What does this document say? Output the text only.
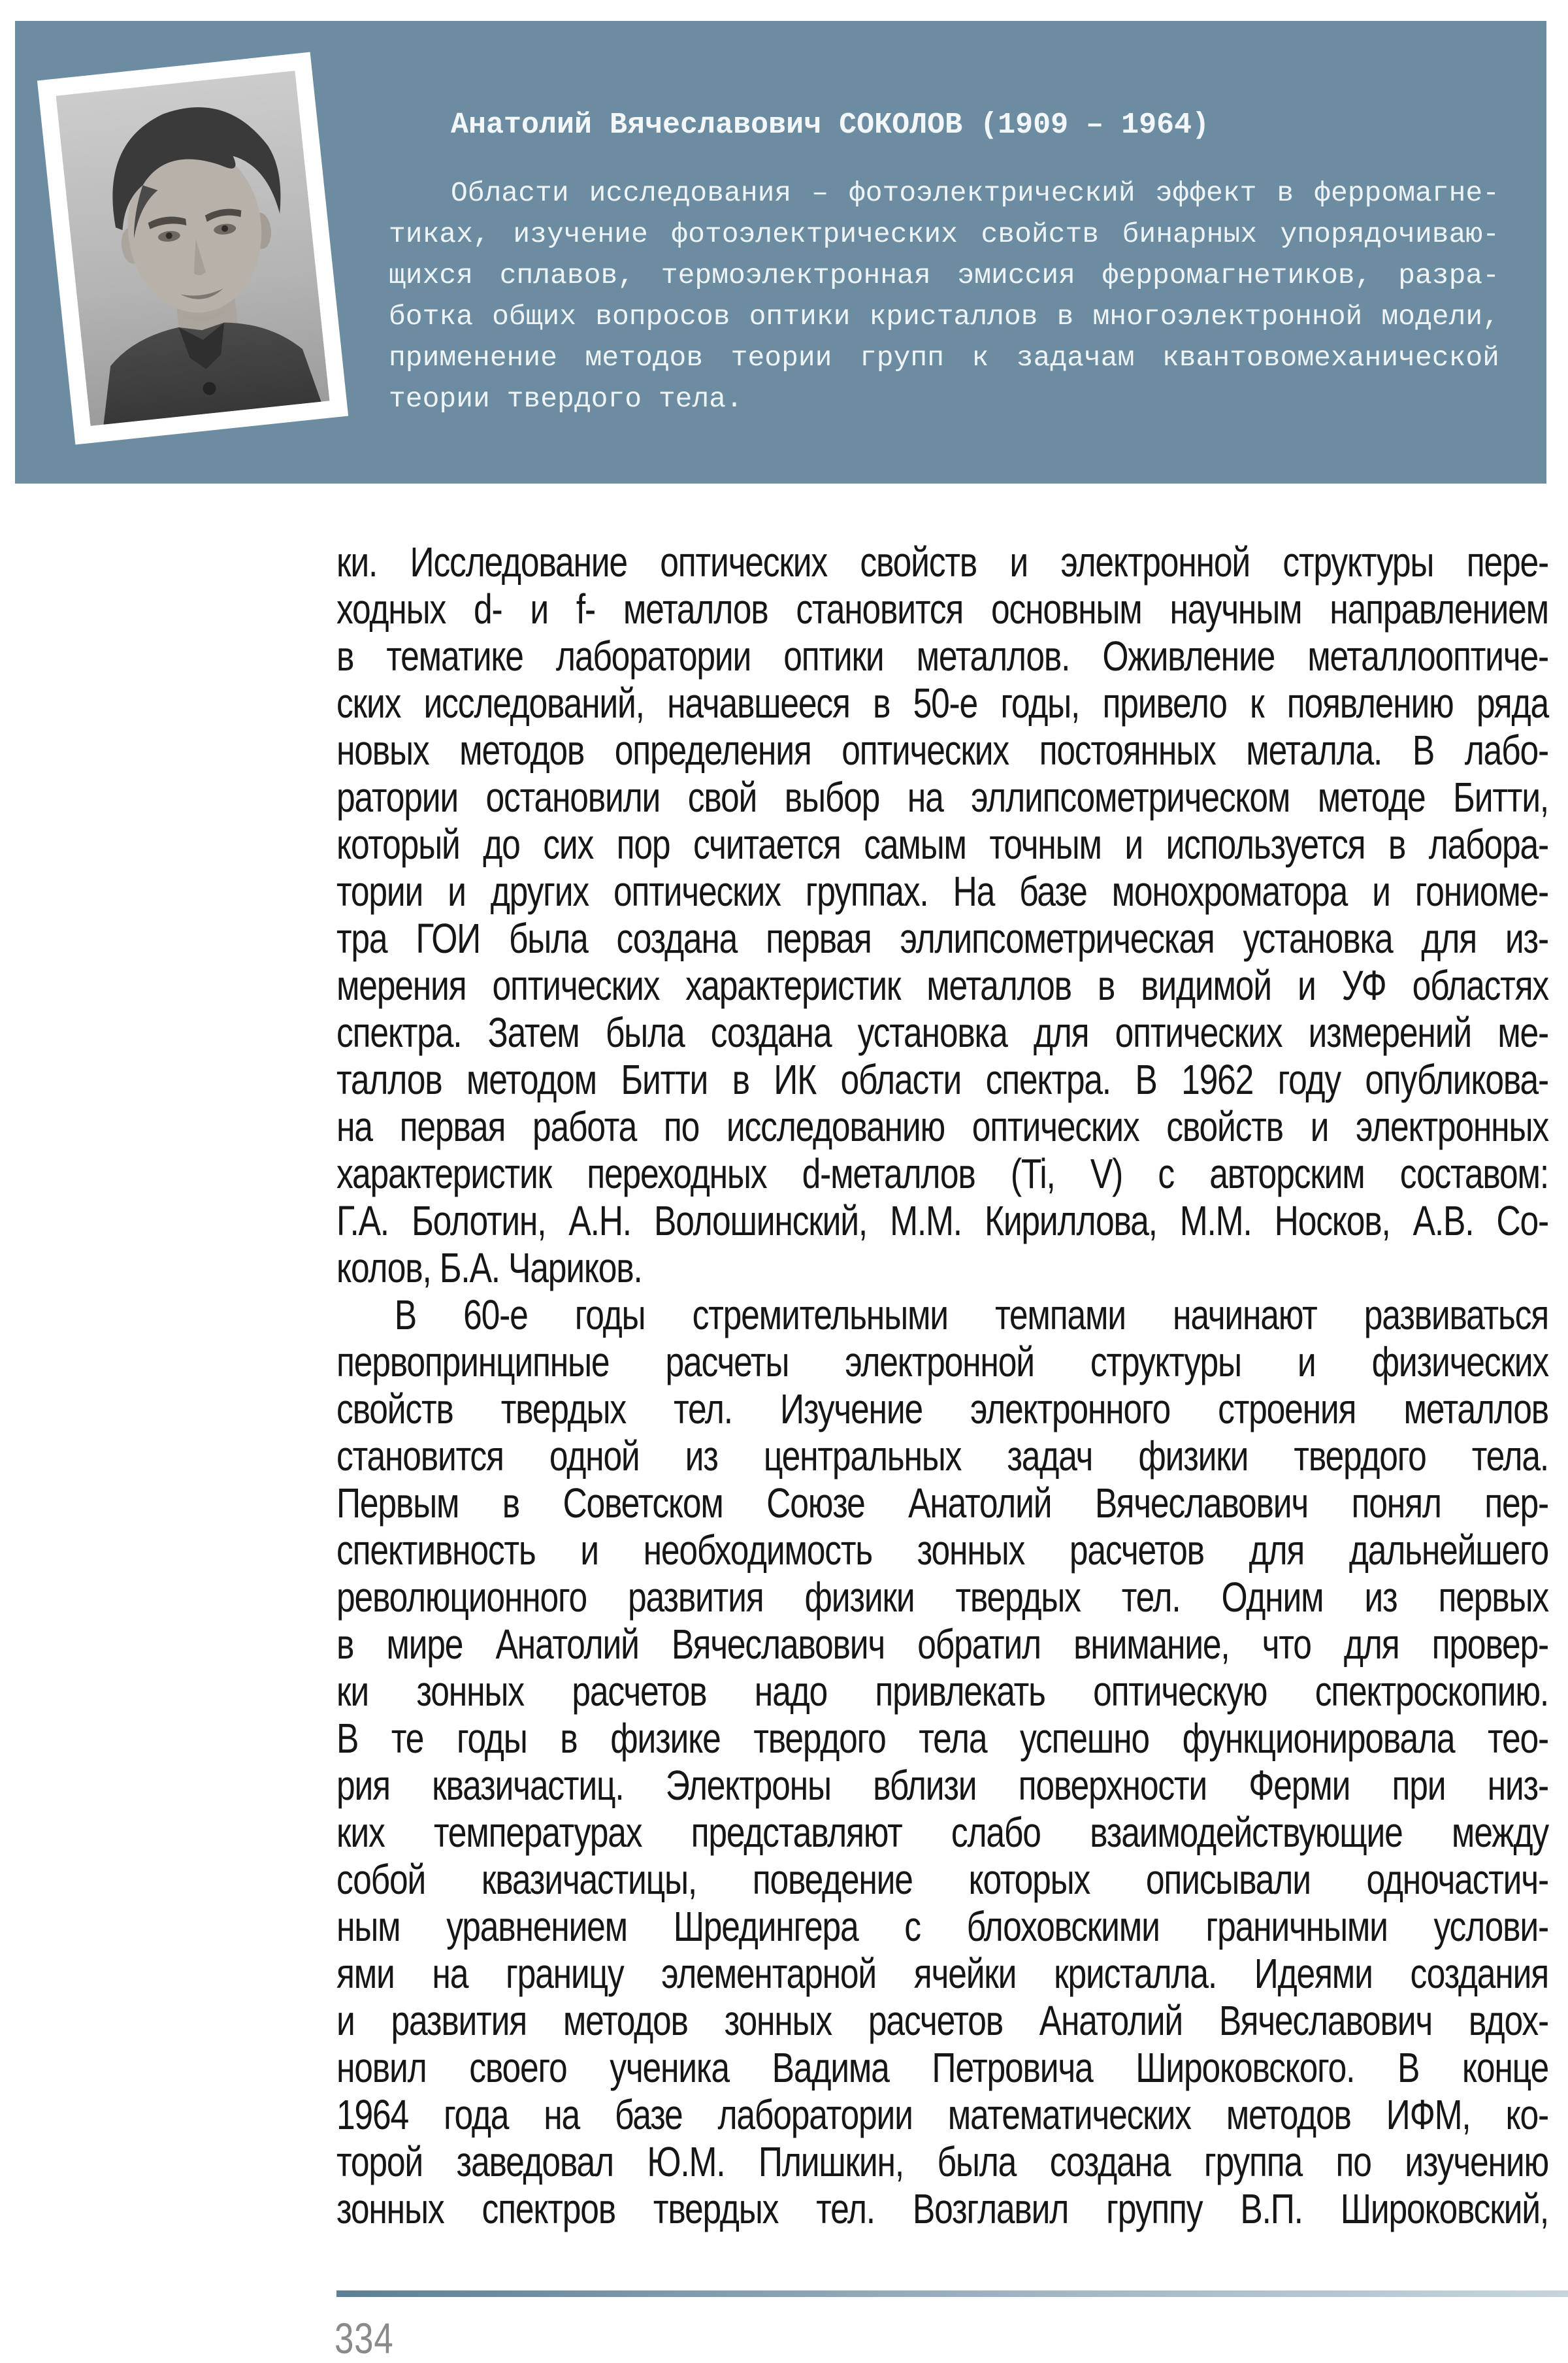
Анатолий Вячеславович СОКОЛОВ (1909 – 1964)
Области исследования – фотоэлектрический эффект в ферромагне-
тиках, изучение фотоэлектрических свойств бинарных упорядочиваю-
щихся сплавов, термоэлектронная эмиссия ферромагнетиков, разра-
ботка общих вопросов оптики кристаллов в многоэлектронной модели,
применение методов теории групп к задачам квантовомеханической
теории твердого тела.
ки. Исследование оптических свойств и электронной структуры пере-
ходных d- и f- металлов становится основным научным направлением
в тематике лаборатории оптики металлов. Оживление металлооптиче-
ских исследований, начавшееся в 50-е годы, привело к появлению ряда
новых методов определения оптических постоянных металла. В лабо-
ратории остановили свой выбор на эллипсометрическом методе Битти,
который до сих пор считается самым точным и используется в лабора-
тории и других оптических группах. На базе монохроматора и гониоме-
тра ГОИ была создана первая эллипсометрическая установка для из-
мерения оптических характеристик металлов в видимой и УФ областях
спектра. Затем была создана установка для оптических измерений ме-
таллов методом Битти в ИК области спектра. В 1962 году опубликова-
на первая работа по исследованию оптических свойств и электронных
характеристик переходных d-металлов (Ti, V) с авторским составом:
Г.А. Болотин, А.Н. Волошинский, М.М. Кириллова, М.М. Носков, А.В. Со-
колов, Б.А. Чариков.
В 60-е годы стремительными темпами начинают развиваться
первопринципные расчеты электронной структуры и физических
свойств твердых тел. Изучение электронного строения металлов
становится одной из центральных задач физики твердого тела.
Первым в Советском Союзе Анатолий Вячеславович понял пер-
спективность и необходимость зонных расчетов для дальнейшего
революционного развития физики твердых тел. Одним из первых
в мире Анатолий Вячеславович обратил внимание, что для провер-
ки зонных расчетов надо привлекать оптическую спектроскопию.
В те годы в физике твердого тела успешно функционировала тео-
рия квазичастиц. Электроны вблизи поверхности Ферми при низ-
ких температурах представляют слабо взаимодействующие между
собой квазичастицы, поведение которых описывали одночастич-
ным уравнением Шредингера с блоховскими граничными услови-
ями на границу элементарной ячейки кристалла. Идеями создания
и развития методов зонных расчетов Анатолий Вячеславович вдох-
новил своего ученика Вадима Петровича Широковского. В конце
1964 года на базе лаборатории математических методов ИФМ, ко-
торой заведовал Ю.М. Плишкин, была создана группа по изучению
зонных спектров твердых тел. Возглавил группу В.П. Широковский,
334
